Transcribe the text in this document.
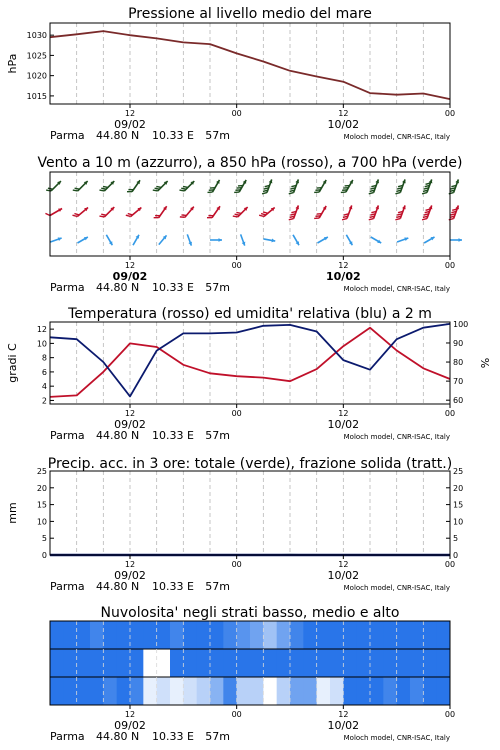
Pressione al livello medio del mare
1015
1020
1025
1030
hPa
12	00	12	00
09/02	10/02
Parma 44.80 N 10.33 E 57m	Moloch model, CNR-ISAC, Italy
Vento a 10 m (azzurro), a 850 hPa (rosso), a 700 hPa (verde)
12	00	12	00
09/02	10/02
Parma 44.80 N 10.33 E 57m	Moloch model, CNR-ISAC, Italy
Temperatura (rosso) ed umidita' relativa (blu) a 2 m
2
4
6
8
10
12
gradi C
60
70
80
90
100
%
12	00	12	00
09/02	10/02
Parma 44.80 N 10.33 E 57m	Moloch model, CNR-ISAC, Italy
Precip. acc. in 3 ore: totale (verde), frazione solida (tratt.)
0
5
10
15
20
25
mm
0
5
10
15
20
25
12	00	12	00
09/02	10/02
Parma 44.80 N 10.33 E 57m	Moloch model, CNR-ISAC, Italy
Nuvolosita' negli strati basso, medio e alto
12	00	12	00
09/02	10/02
Parma 44.80 N 10.33 E 57m	Moloch model, CNR-ISAC, Italy
